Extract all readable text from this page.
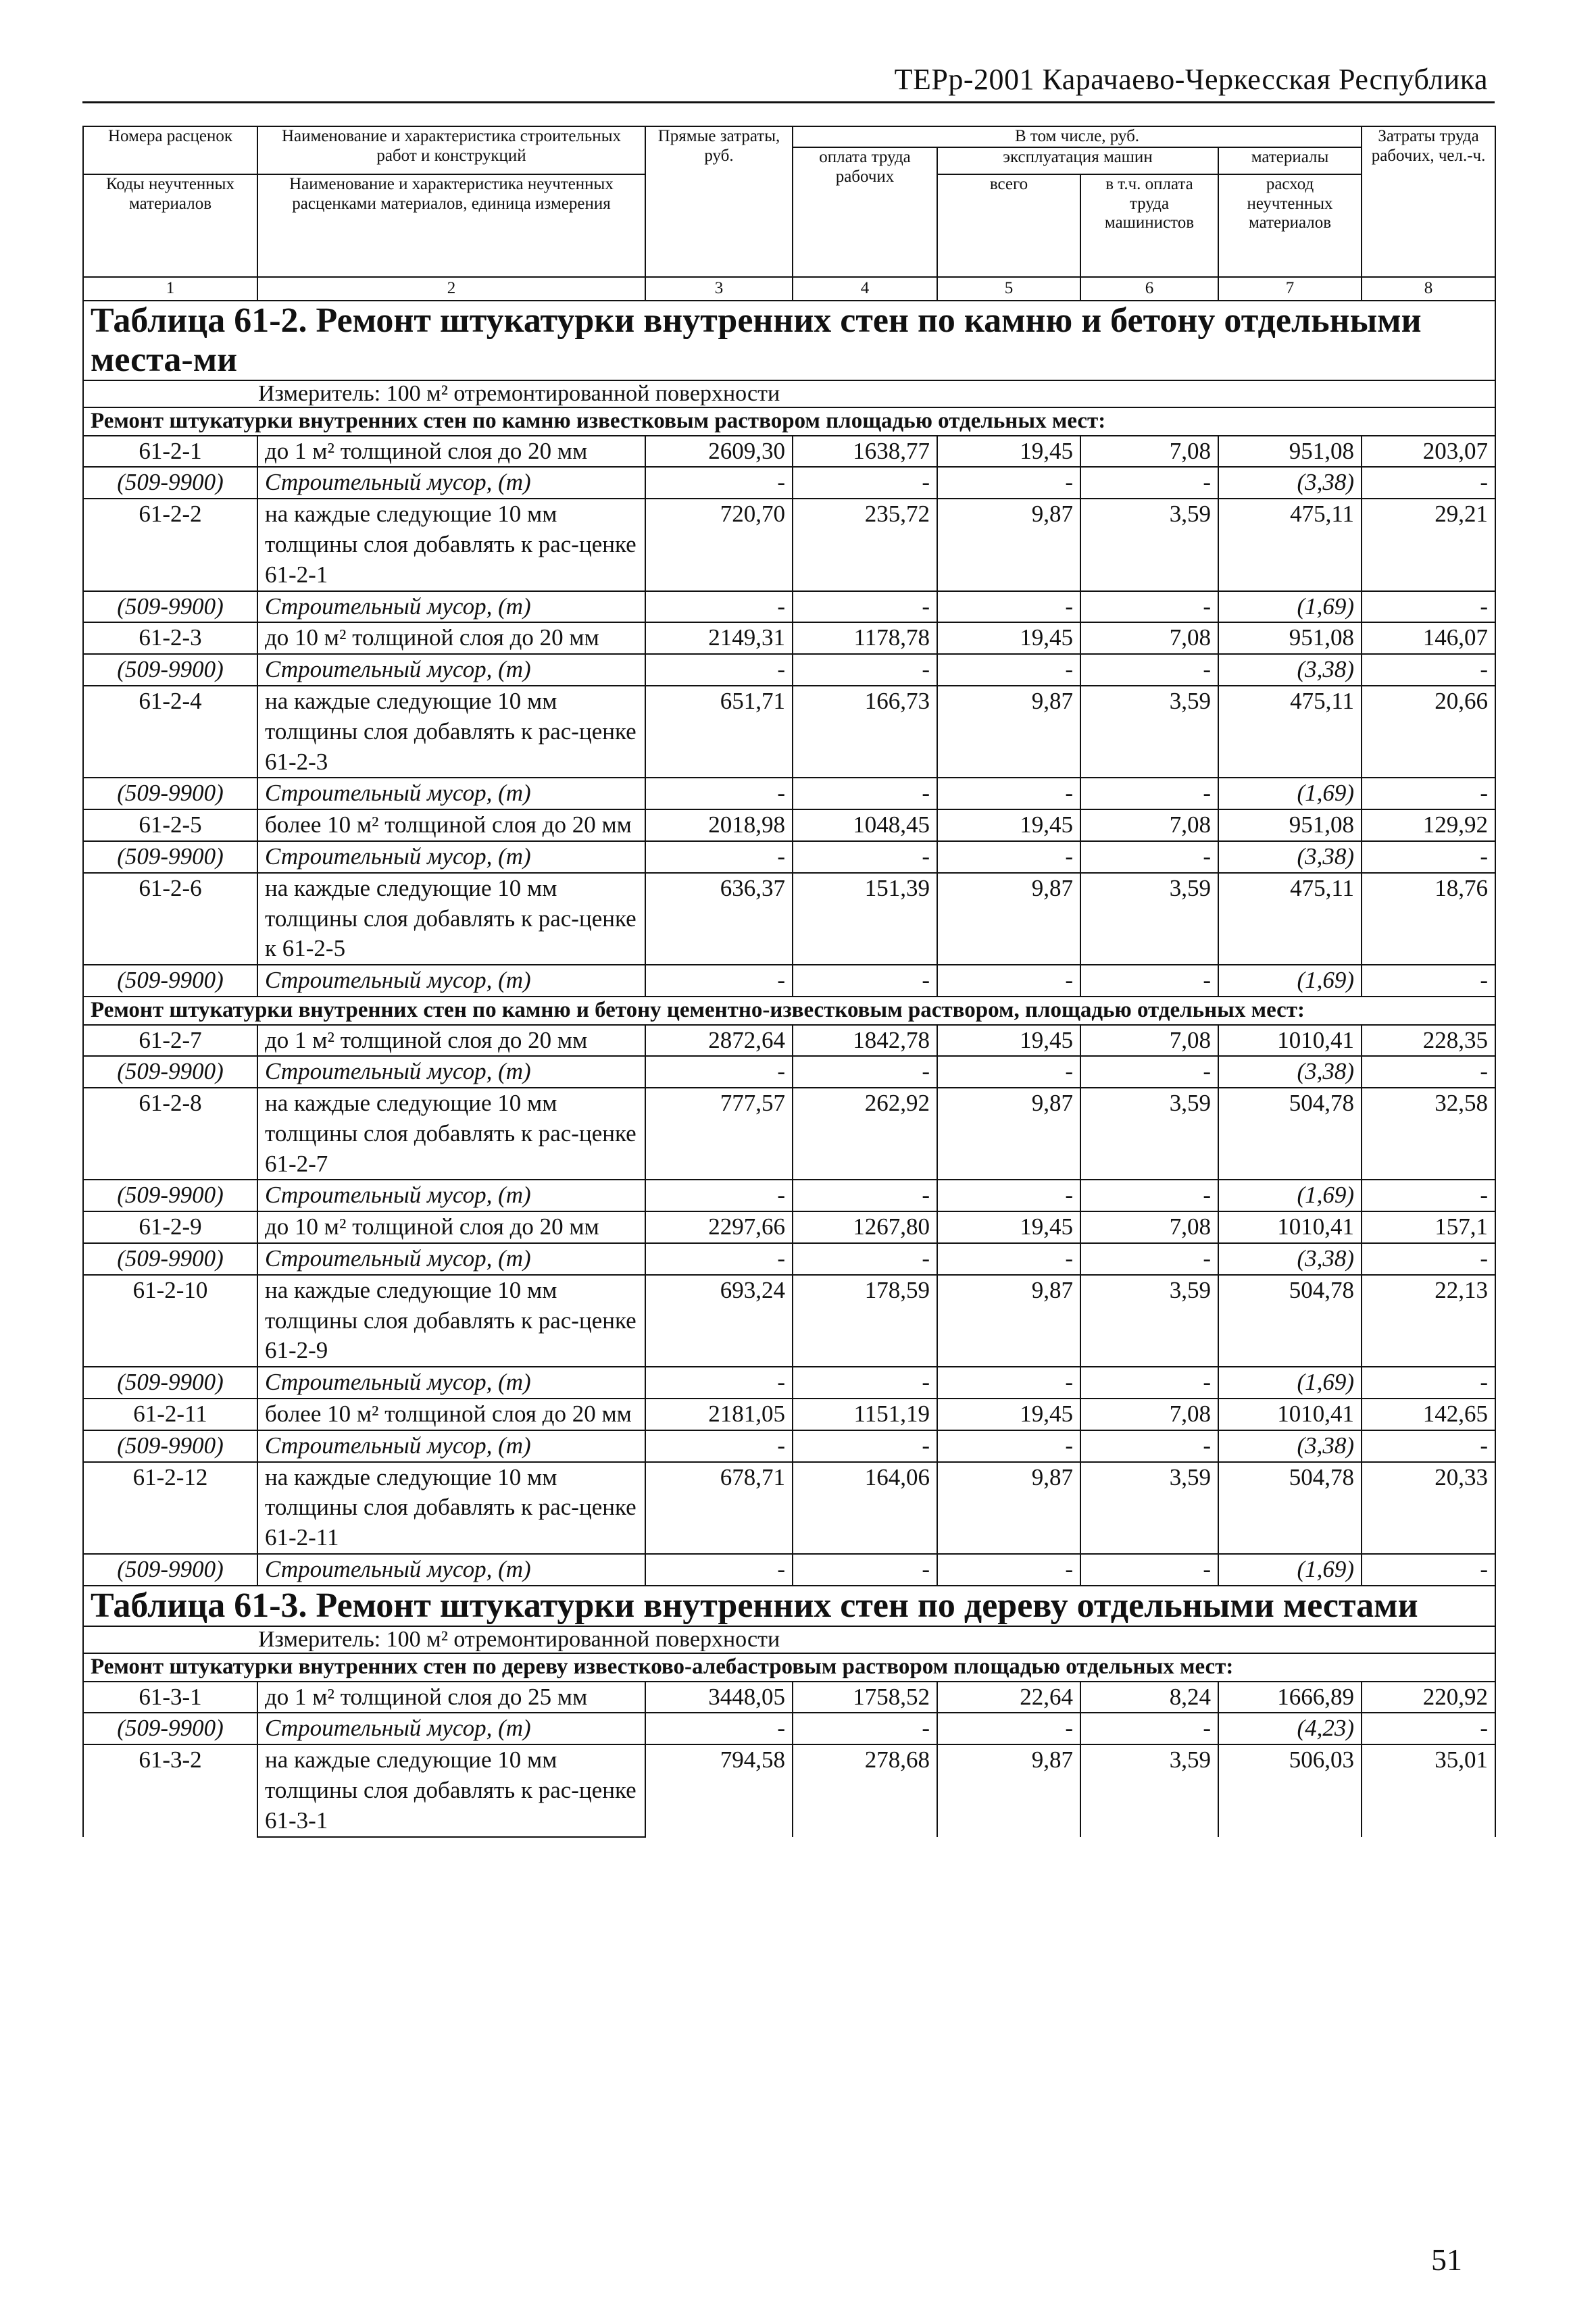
ТЕРр-2001 Карачаево-Черкесская Республика
Номера расценок	Наименование и характеристика строительных работ и конструкций	Прямые затраты, руб.	В том числе, руб.				Затраты труда рабочих, чел.-ч.
			оплата труда рабочих	эксплуатация машин		материалы	
Коды неучтенных материалов	Наименование и характеристика неучтенных расценками материалов, единица измерения			всего	в т.ч. оплата труда машинистов	расход неучтенных материалов	

1	2	3	4	5	6	7	8
Таблица 61-2. Ремонт штукатурки внутренних стен по камню и бетону отдельными места-ми							
Измеритель: 100 м² отремонтированной поверхности							
Ремонт штукатурки внутренних стен по камню известковым раствором площадью отдельных мест:							
61-2-1	до 1 м² толщиной слоя до 20 мм	2609,30	1638,77	19,45	7,08	951,08	203,07
(509-9900)	Строительный мусор, (т)	-	-	-	-	(3,38)	-
61-2-2	на каждые следующие 10 мм толщины слоя добавлять к рас-ценке 61-2-1	720,70	235,72	9,87	3,59	475,11	29,21
(509-9900)	Строительный мусор, (т)	-	-	-	-	(1,69)	-
61-2-3	до 10 м² толщиной слоя до 20 мм	2149,31	1178,78	19,45	7,08	951,08	146,07
(509-9900)	Строительный мусор, (т)	-	-	-	-	(3,38)	-
61-2-4	на каждые следующие 10 мм толщины слоя добавлять к рас-ценке 61-2-3	651,71	166,73	9,87	3,59	475,11	20,66
(509-9900)	Строительный мусор, (т)	-	-	-	-	(1,69)	-
61-2-5	более 10 м² толщиной слоя до 20 мм	2018,98	1048,45	19,45	7,08	951,08	129,92
(509-9900)	Строительный мусор, (т)	-	-	-	-	(3,38)	-
61-2-6	на каждые следующие 10 мм толщины слоя добавлять к рас-ценке к 61-2-5	636,37	151,39	9,87	3,59	475,11	18,76
(509-9900)	Строительный мусор, (т)	-	-	-	-	(1,69)	-
Ремонт штукатурки внутренних стен по камню и бетону цементно-известковым раствором, площадью отдельных мест:							
61-2-7	до 1 м² толщиной слоя до 20 мм	2872,64	1842,78	19,45	7,08	1010,41	228,35
(509-9900)	Строительный мусор, (т)	-	-	-	-	(3,38)	-
61-2-8	на каждые следующие 10 мм толщины слоя добавлять к рас-ценке 61-2-7	777,57	262,92	9,87	3,59	504,78	32,58
(509-9900)	Строительный мусор, (т)	-	-	-	-	(1,69)	-
61-2-9	до 10 м² толщиной слоя до 20 мм	2297,66	1267,80	19,45	7,08	1010,41	157,1
(509-9900)	Строительный мусор, (т)	-	-	-	-	(3,38)	-
61-2-10	на каждые следующие 10 мм толщины слоя добавлять к рас-ценке 61-2-9	693,24	178,59	9,87	3,59	504,78	22,13
(509-9900)	Строительный мусор, (т)	-	-	-	-	(1,69)	-
61-2-11	более 10 м² толщиной слоя до 20 мм	2181,05	1151,19	19,45	7,08	1010,41	142,65
(509-9900)	Строительный мусор, (т)	-	-	-	-	(3,38)	-
61-2-12	на каждые следующие 10 мм толщины слоя добавлять к рас-ценке 61-2-11	678,71	164,06	9,87	3,59	504,78	20,33
(509-9900)	Строительный мусор, (т)	-	-	-	-	(1,69)	-
Таблица 61-3. Ремонт штукатурки внутренних стен по дереву отдельными местами							
Измеритель: 100 м² отремонтированной поверхности							
Ремонт штукатурки внутренних стен по дереву известково-алебастровым раствором площадью отдельных мест:							
61-3-1	до 1 м² толщиной слоя до 25 мм	3448,05	1758,52	22,64	8,24	1666,89	220,92
(509-9900)	Строительный мусор, (т)	-	-	-	-	(4,23)	-
61-3-2	на каждые следующие 10 мм толщины слоя добавлять к рас-ценке 61-3-1	794,58	278,68	9,87	3,59	506,03	35,01
51
